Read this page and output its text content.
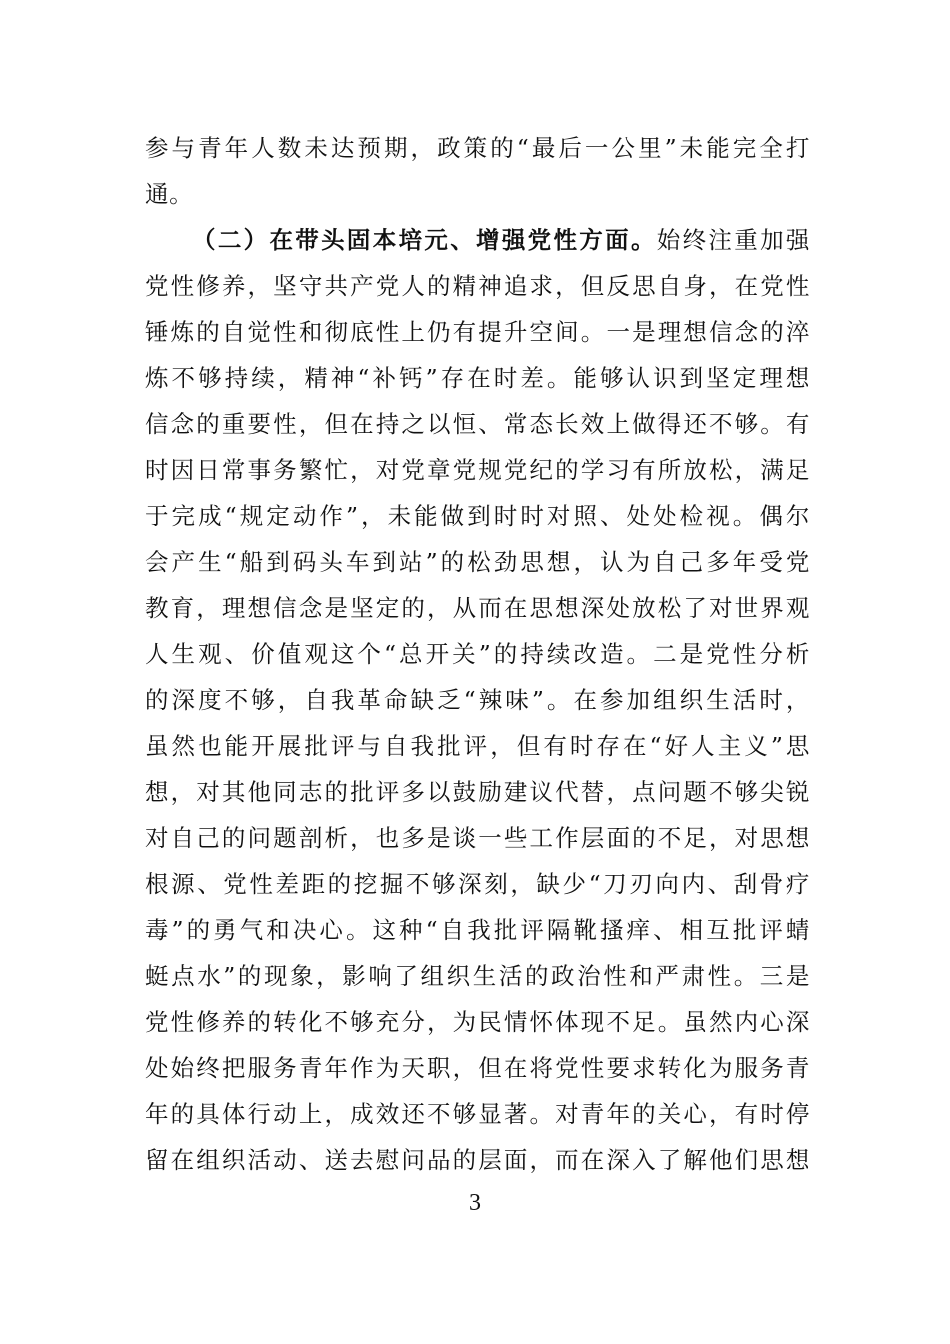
参与青年人数未达预期，政策的“最后一公里”未能完全打
通。
（二）在带头固本培元、增强党性方面。始终注重加强
党性修养，坚守共产党人的精神追求，但反思自身，在党性
锤炼的自觉性和彻底性上仍有提升空间。一是理想信念的淬
炼不够持续，精神“补钙”存在时差。能够认识到坚定理想
信念的重要性，但在持之以恒、常态长效上做得还不够。有
时因日常事务繁忙，对党章党规党纪的学习有所放松，满足
于完成“规定动作”，未能做到时时对照、处处检视。偶尔
会产生“船到码头车到站”的松劲思想，认为自己多年受党
教育，理想信念是坚定的，从而在思想深处放松了对世界观
人生观、价值观这个“总开关”的持续改造。二是党性分析
的深度不够，自我革命缺乏“辣味”。在参加组织生活时，
虽然也能开展批评与自我批评，但有时存在“好人主义”思
想，对其他同志的批评多以鼓励建议代替，点问题不够尖锐
对自己的问题剖析，也多是谈一些工作层面的不足，对思想
根源、党性差距的挖掘不够深刻，缺少“刀刃向内、刮骨疗
毒”的勇气和决心。这种“自我批评隔靴搔痒、相互批评蜻
蜓点水”的现象，影响了组织生活的政治性和严肃性。三是
党性修养的转化不够充分，为民情怀体现不足。虽然内心深
处始终把服务青年作为天职，但在将党性要求转化为服务青
年的具体行动上，成效还不够显著。对青年的关心，有时停
留在组织活动、送去慰问品的层面，而在深入了解他们思想
3
